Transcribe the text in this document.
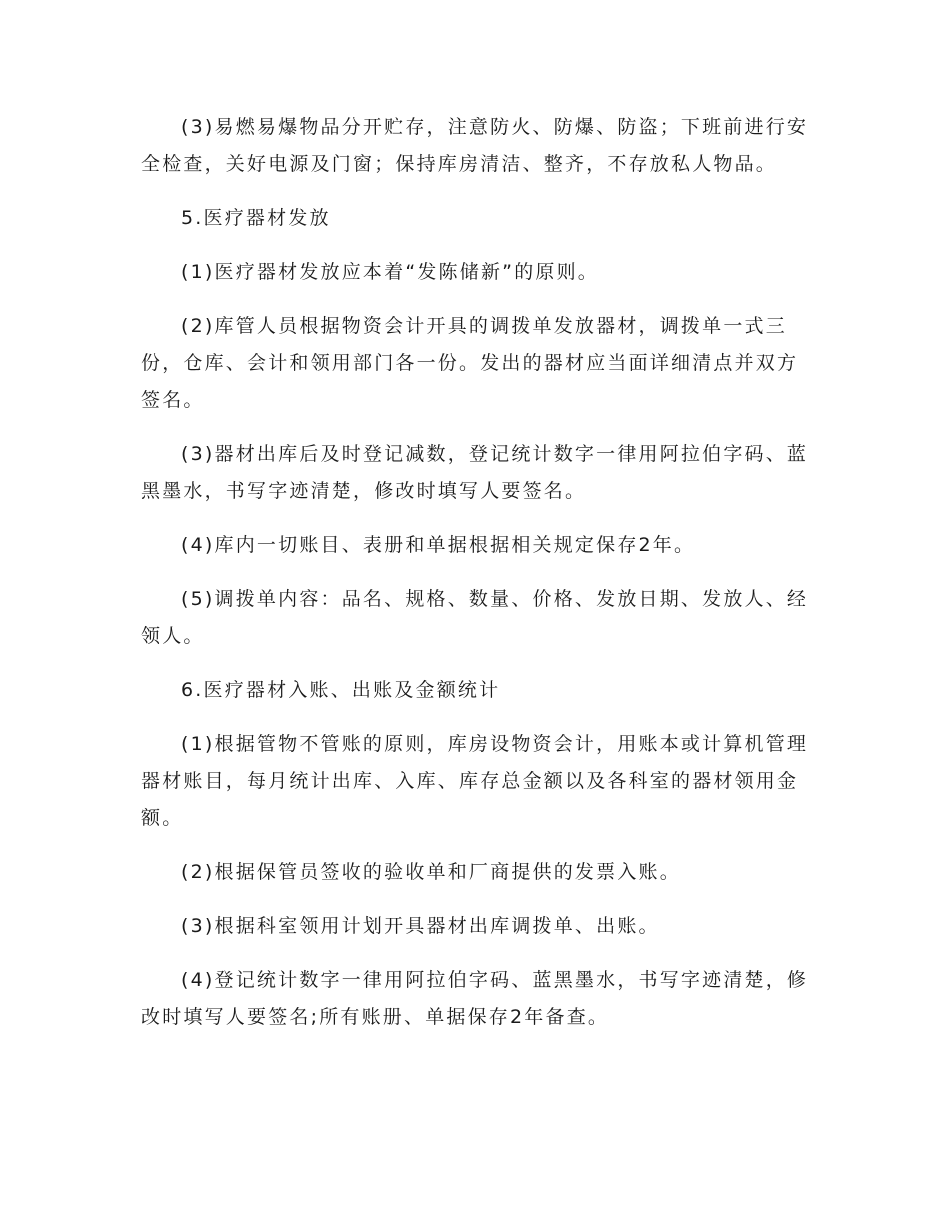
(3)易燃易爆物品分开贮存，注意防火、防爆、防盗；下班前进行安全检查，关好电源及门窗；保持库房清洁、整齐，不存放私人物品。

5.医疗器材发放

(1)医疗器材发放应本着“发陈储新”的原则。

(2)库管人员根据物资会计开具的调拨单发放器材，调拨单一式三份，仓库、会计和领用部门各一份。发出的器材应当面详细清点并双方签名。

(3)器材出库后及时登记减数，登记统计数字一律用阿拉伯字码、蓝黑墨水，书写字迹清楚，修改时填写人要签名。

(4)库内一切账目、表册和单据根据相关规定保存2年。

(5)调拨单内容：品名、规格、数量、价格、发放日期、发放人、经领人。

6.医疗器材入账、出账及金额统计

(1)根据管物不管账的原则，库房设物资会计，用账本或计算机管理器材账目，每月统计出库、入库、库存总金额以及各科室的器材领用金额。

(2)根据保管员签收的验收单和厂商提供的发票入账。

(3)根据科室领用计划开具器材出库调拨单、出账。

(4)登记统计数字一律用阿拉伯字码、蓝黑墨水，书写字迹清楚，修改时填写人要签名;所有账册、单据保存2年备查。
